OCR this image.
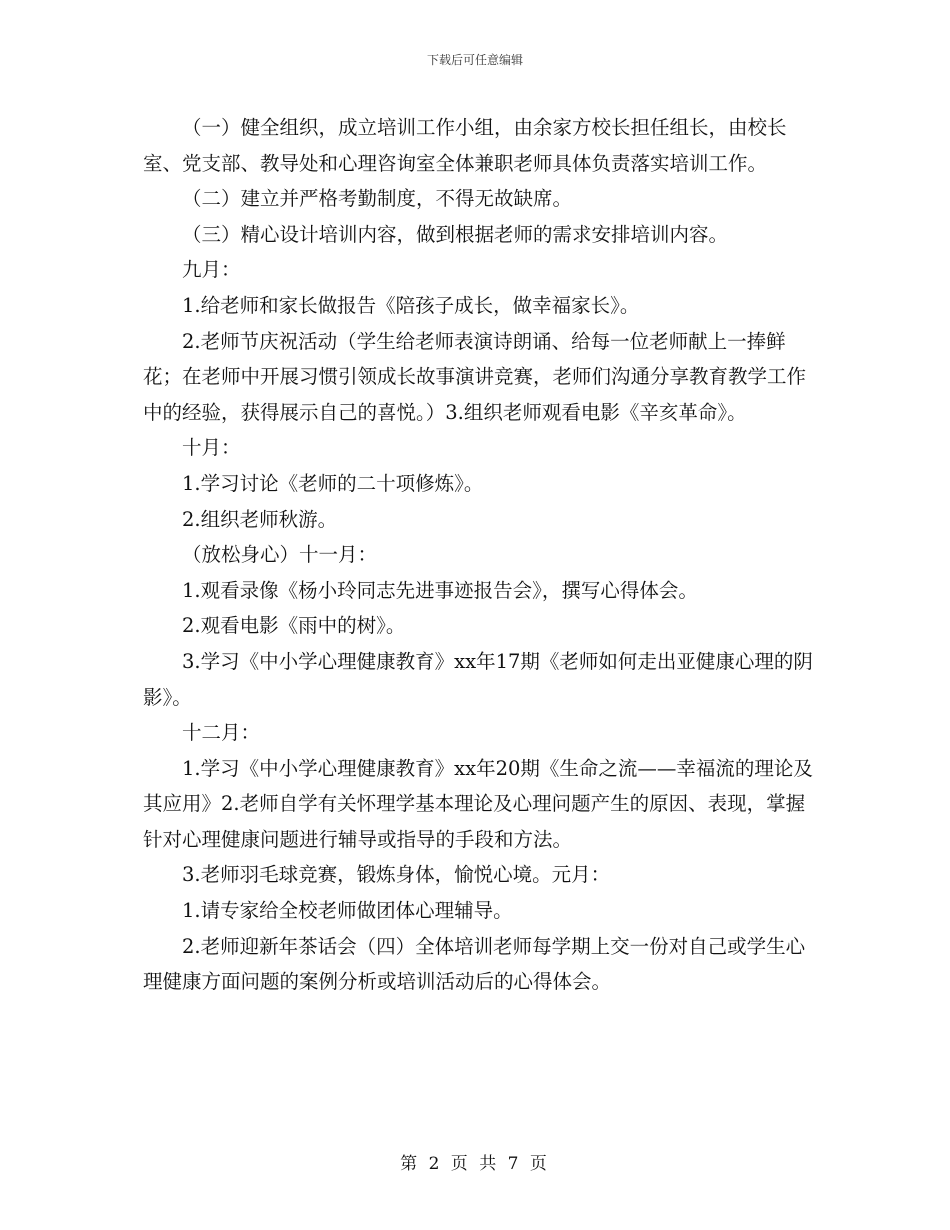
下载后可任意编辑

（一）健全组织，成立培训工作小组，由余家方校长担任组长，由校长室、党支部、教导处和心理咨询室全体兼职老师具体负责落实培训工作。

（二）建立并严格考勤制度，不得无故缺席。

（三）精心设计培训内容，做到根据老师的需求安排培训内容。

九月：

1.给老师和家长做报告《陪孩子成长，做幸福家长》。

2.老师节庆祝活动（学生给老师表演诗朗诵、给每一位老师献上一捧鲜花；在老师中开展习惯引领成长故事演讲竞赛，老师们沟通分享教育教学工作中的经验，获得展示自己的喜悦。）3.组织老师观看电影《辛亥革命》。

十月：

1.学习讨论《老师的二十项修炼》。

2.组织老师秋游。

（放松身心）十一月：

1.观看录像《杨小玲同志先进事迹报告会》，撰写心得体会。

2.观看电影《雨中的树》。

3.学习《中小学心理健康教育》xx年17期《老师如何走出亚健康心理的阴影》。

十二月：

1.学习《中小学心理健康教育》xx年20期《生命之流——幸福流的理论及其应用》2.老师自学有关怀理学基本理论及心理问题产生的原因、表现，掌握针对心理健康问题进行辅导或指导的手段和方法。

3.老师羽毛球竞赛，锻炼身体，愉悦心境。元月：

1.请专家给全校老师做团体心理辅导。

2.老师迎新年茶话会（四）全体培训老师每学期上交一份对自己或学生心理健康方面问题的案例分析或培训活动后的心得体会。

第 2 页 共 7 页
